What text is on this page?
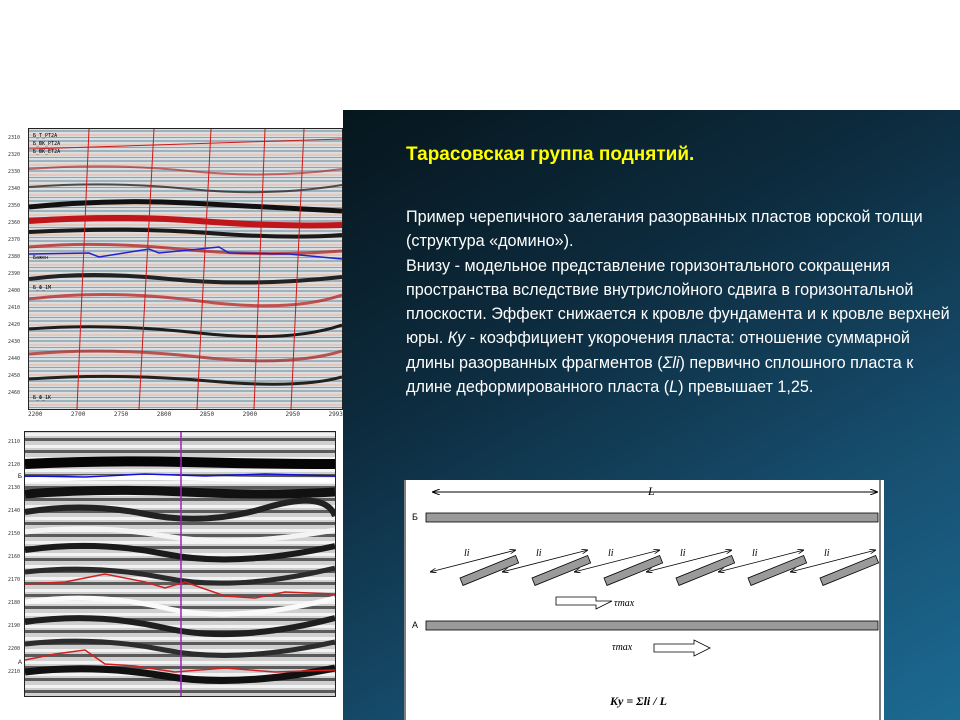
Б_Т_РТ2А
Б_ЮК_РТ2А
Б_ЮК_ЕТ2А
Бажен
Б_Ф_1М
Б_Ф_1К
2310
2320
2330
2340
2350
2360
2370
2380
2390
2400
2410
2420
2430
2440
2450
2460
2200	2700	2750	2800	2850	2900	2950	2993
2110
2120
2130
2140
2150
2160
2170
2180
2190
2200
2210
Б
А
Тарасовская группа поднятий.

Пример черепичного залегания разорванных пластов юрской толщи (структура «домино»).

Внизу - модельное представление горизонтального сокращения пространства вследствие внутрислойного сдвига в горизонтальной плоскости. Эффект снижается к кровле фундамента и к кровле верхней юры. Ку - коэффициент укорочения пласта: отношение суммарной длины разорванных фрагментов (Σli) первично сплошного пласта к длине деформированного пласта (L) превышает 1,25.

L
Б
А
li	li	li	li	li	li
τmax
τmax
Ky = Σli / L
